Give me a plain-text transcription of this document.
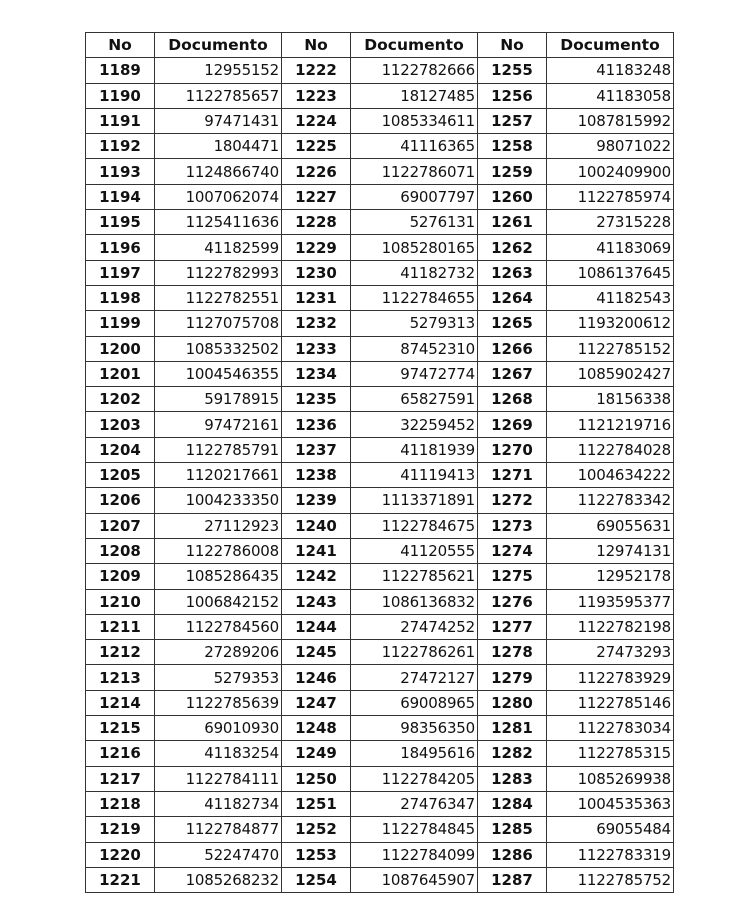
No	Documento	No	Documento	No	Documento
1189	12955152	1222	1122782666	1255	41183248
1190	1122785657	1223	18127485	1256	41183058
1191	97471431	1224	1085334611	1257	1087815992
1192	1804471	1225	41116365	1258	98071022
1193	1124866740	1226	1122786071	1259	1002409900
1194	1007062074	1227	69007797	1260	1122785974
1195	1125411636	1228	5276131	1261	27315228
1196	41182599	1229	1085280165	1262	41183069
1197	1122782993	1230	41182732	1263	1086137645
1198	1122782551	1231	1122784655	1264	41182543
1199	1127075708	1232	5279313	1265	1193200612
1200	1085332502	1233	87452310	1266	1122785152
1201	1004546355	1234	97472774	1267	1085902427
1202	59178915	1235	65827591	1268	18156338
1203	97472161	1236	32259452	1269	1121219716
1204	1122785791	1237	41181939	1270	1122784028
1205	1120217661	1238	41119413	1271	1004634222
1206	1004233350	1239	1113371891	1272	1122783342
1207	27112923	1240	1122784675	1273	69055631
1208	1122786008	1241	41120555	1274	12974131
1209	1085286435	1242	1122785621	1275	12952178
1210	1006842152	1243	1086136832	1276	1193595377
1211	1122784560	1244	27474252	1277	1122782198
1212	27289206	1245	1122786261	1278	27473293
1213	5279353	1246	27472127	1279	1122783929
1214	1122785639	1247	69008965	1280	1122785146
1215	69010930	1248	98356350	1281	1122783034
1216	41183254	1249	18495616	1282	1122785315
1217	1122784111	1250	1122784205	1283	1085269938
1218	41182734	1251	27476347	1284	1004535363
1219	1122784877	1252	1122784845	1285	69055484
1220	52247470	1253	1122784099	1286	1122783319
1221	1085268232	1254	1087645907	1287	1122785752
